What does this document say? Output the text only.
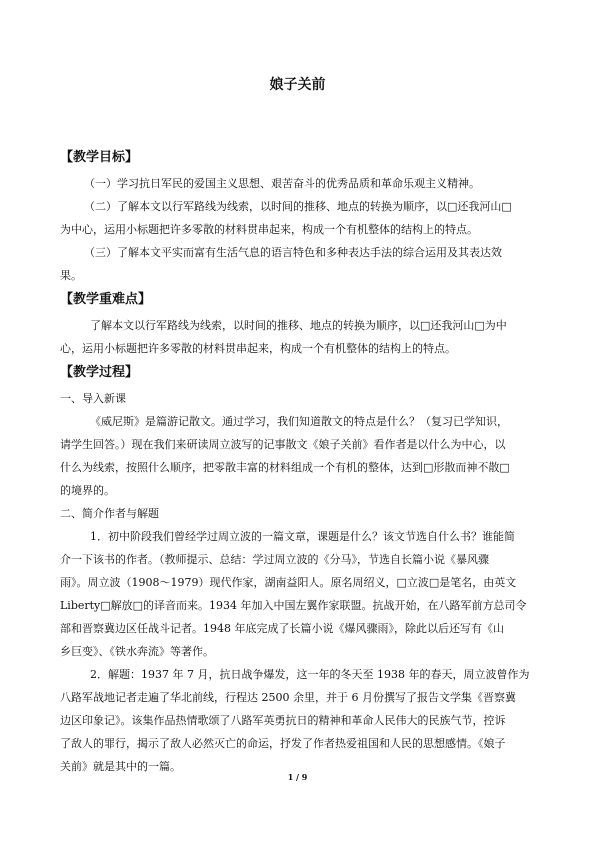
娘子关前
【教学目标】
（一）学习抗日军民的爱国主义思想、艰苦奋斗的优秀品质和革命乐观主义精神。
（二）了解本文以行军路线为线索，以时间的推移、地点的转换为顺序，以□还我河山□
为中心，运用小标题把许多零散的材料贯串起来，构成一个有机整体的结构上的特点。
（三）了解本文平实而富有生活气息的语言特色和多种表达手法的综合运用及其表达效
果。
【教学重难点】
了解本文以行军路线为线索，以时间的推移、地点的转换为顺序，以□还我河山□为中
心，运用小标题把许多零散的材料贯串起来，构成一个有机整体的结构上的特点。
【教学过程】
一、导入新课
《威尼斯》是篇游记散文。通过学习，我们知道散文的特点是什么？（复习已学知识，
请学生回答。）现在我们来研读周立波写的记事散文《娘子关前》看作者是以什么为中心，以
什么为线索，按照什么顺序，把零散丰富的材料组成一个有机的整体，达到□形散而神不散□
的境界的。
二、简介作者与解题
1．初中阶段我们曾经学过周立波的一篇文章，课题是什么？该文节选自什么书？谁能简
介一下该书的作者。（教师提示、总结：学过周立波的《分马》，节选自长篇小说《暴风骤
雨》。周立波（1908～1979）现代作家，湖南益阳人。原名周绍义，□立波□是笔名，由英文
Liberty□解放□的译音而来。1934 年加入中国左翼作家联盟。抗战开始，在八路军前方总司令
部和晋察冀边区任战斗记者。1948 年底完成了长篇小说《爆风骤雨》，除此以后还写有《山
乡巨变》、《铁水奔流》等著作。
2．解题：1937 年 7 月，抗日战争爆发，这一年的冬天至 1938 年的春天，周立波曾作为
八路军战地记者走遍了华北前线，行程达 2500 余里，并于 6 月份撰写了报告文学集《晋察冀
边区印象记》。该集作品热情歌颂了八路军英勇抗日的精神和革命人民伟大的民族气节，控诉
了敌人的罪行，揭示了敌人必然灭亡的命运，抒发了作者热爱祖国和人民的思想感情。《娘子
关前》就是其中的一篇。
1 / 9
